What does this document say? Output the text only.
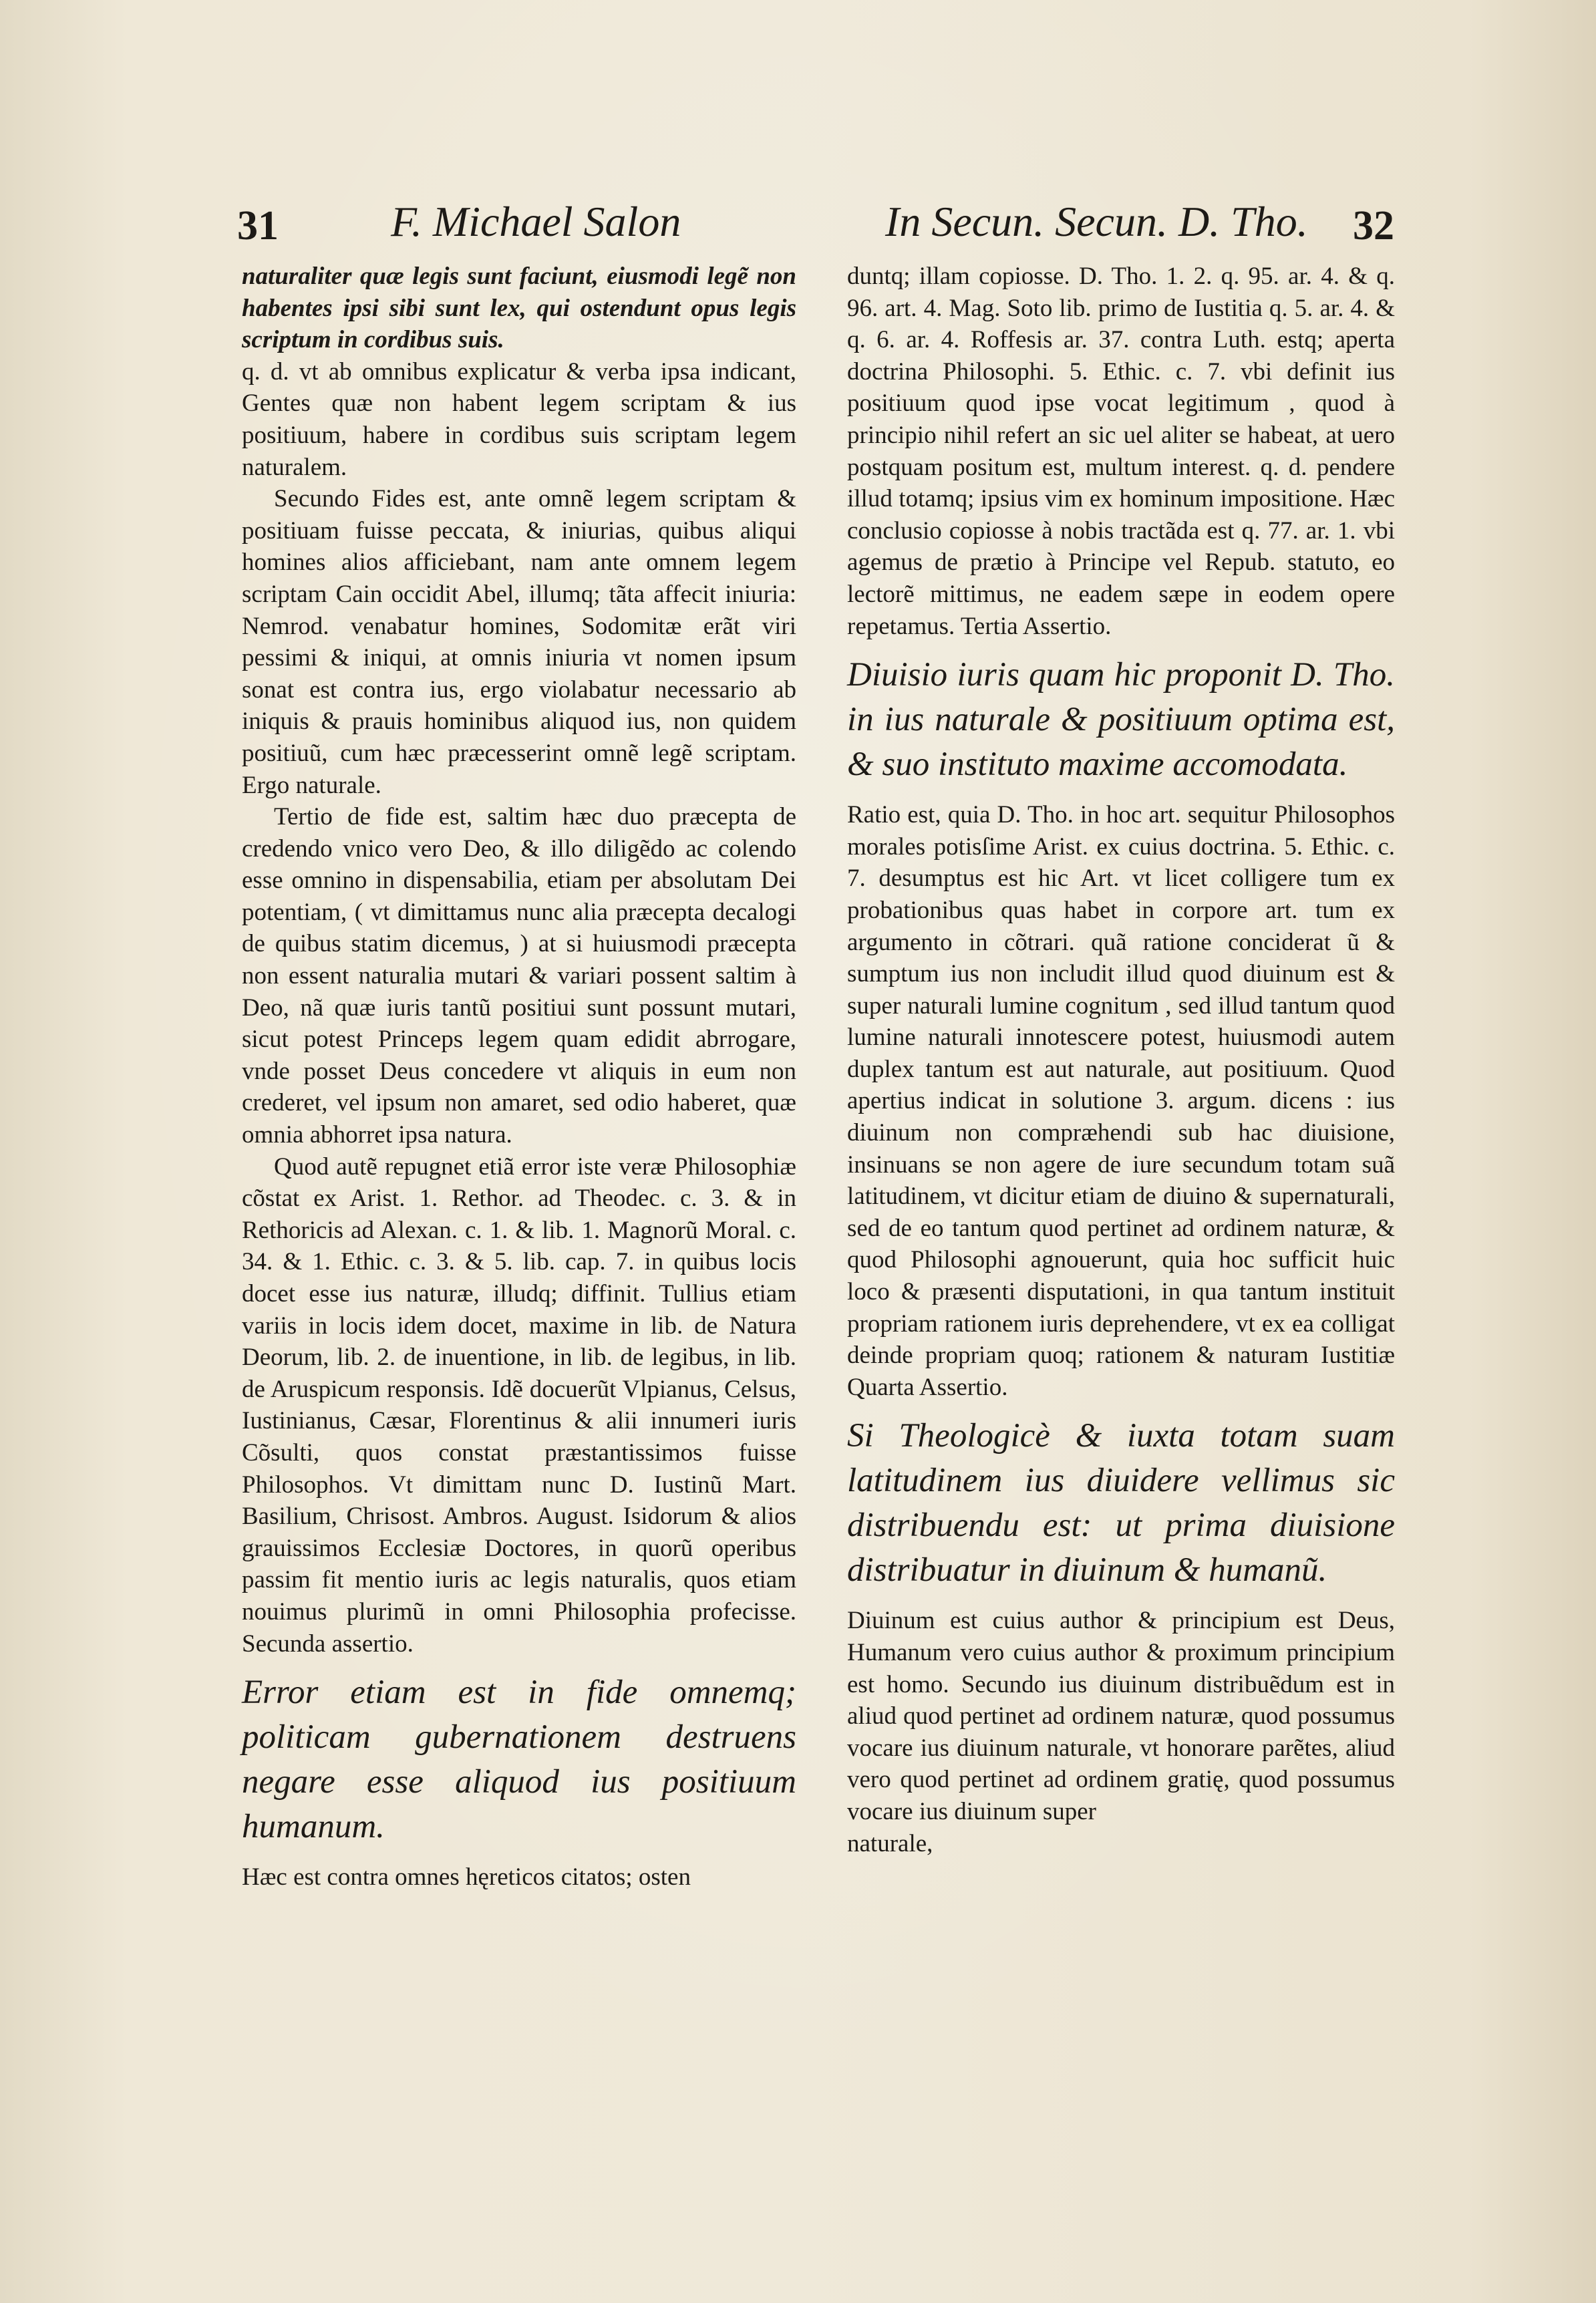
31	F. Michael Salon	In Secun. Secun. D. Tho. 32

naturaliter quæ legis sunt faciunt, eiusmodi legẽ non habentes ipsi sibi sunt lex, qui ostendunt opus legis scriptum in cordibus suis.

q. d. vt ab omnibus explicatur & verba ipsa indicant, Gentes quæ non habent legem scriptam & ius positiuum, habere in cordibus suis scriptam legem naturalem.

Secundo Fides est, ante omnẽ legem scriptam & positiuam fuisse peccata, & iniurias, quibus aliqui homines alios afficiebant, nam ante omnem legem scriptam Cain occidit Abel, illumq; tãta affecit iniuria: Nemrod. venabatur homines, Sodomitæ erãt viri pessimi & iniqui, at omnis iniuria vt nomen ipsum sonat est contra ius, ergo violabatur necessario ab iniquis & prauis hominibus aliquod ius, non quidem positiuũ, cum hæc præcesserint omnẽ legẽ scriptam. Ergo naturale.

Tertio de fide est, saltim hæc duo præcepta de credendo vnico vero Deo, & illo diligẽdo ac colendo esse omnino in dispensabilia, etiam per absolutam Dei potentiam, ( vt dimittamus nunc alia præcepta decalogi de quibus statim dicemus, ) at si huiusmodi præcepta non essent naturalia mutari & variari possent saltim à Deo, nã quæ iuris tantũ positiui sunt possunt mutari, sicut potest Princeps legem quam edidit abrrogare, vnde posset Deus concedere vt aliquis in eum non crederet, vel ipsum non amaret, sed odio haberet, quæ omnia abhorret ipsa natura.

Quod autẽ repugnet etiã error iste veræ Philosophiæ cõstat ex Arist. 1. Rethor. ad Theodec. c. 3. & in Rethoricis ad Alexan. c. 1. & lib. 1. Magnorũ Moral. c. 34. & 1. Ethic. c. 3. & 5. lib. cap. 7. in quibus locis docet esse ius naturæ, illudq; diffinit. Tullius etiam variis in locis idem docet, maxime in lib. de Natura Deorum, lib. 2. de inuentione, in lib. de legibus, in lib. de Aruspicum responsis. Idẽ docuerũt Vlpianus, Celsus, Iustinianus, Cæsar, Florentinus & alii innumeri iuris Cõsulti, quos constat præstantissimos fuisse Philosophos. Vt dimittam nunc D. Iustinũ Mart. Basilium, Chrisost. Ambros. August. Isidorum & alios grauissimos Ecclesiæ Doctores, in quorũ operibus passim fit mentio iuris ac legis naturalis, quos etiam nouimus plurimũ in omni Philosophia profecisse. Secunda assertio.

Error etiam est in fide omnemq; politicam gubernationem destruens negare esse aliquod ius positiuum humanum.

Hæc est contra omnes hęreticos citatos; osten

duntq; illam copiosse. D. Tho. 1. 2. q. 95. ar. 4. & q. 96. art. 4. Mag. Soto lib. primo de Iustitia q. 5. ar. 4. & q. 6. ar. 4. Roffesis ar. 37. contra Luth. estq; aperta doctrina Philosophi. 5. Ethic. c. 7. vbi definit ius positiuum quod ipse vocat legitimum , quod à principio nihil refert an sic uel aliter se habeat, at uero postquam positum est, multum interest. q. d. pendere illud totamq; ipsius vim ex hominum impositione. Hæc conclusio copiosse à nobis tractãda est q. 77. ar. 1. vbi agemus de prætio à Principe vel Repub. statuto, eo lectorẽ mittimus, ne eadem sæpe in eodem opere repetamus. Tertia Assertio.

Diuisio iuris quam hic proponit D. Tho. in ius naturale & positiuum optima est, & suo instituto maxime accomodata.

Ratio est, quia D. Tho. in hoc art. sequitur Philosophos morales potisſime Arist. ex cuius doctrina. 5. Ethic. c. 7. desumptus est hic Art. vt licet colligere tum ex probationibus quas habet in corpore art. tum ex argumento in cõtrari. quã ratione conciderat ũ & sumptum ius non includit illud quod diuinum est & super naturali lumine cognitum , sed illud tantum quod lumine naturali innotescere potest, huiusmodi autem duplex tantum est aut naturale, aut positiuum. Quod apertius indicat in solutione 3. argum. dicens : ius diuinum non compræhendi sub hac diuisione, insinuans se non agere de iure secundum totam suã latitudinem, vt dicitur etiam de diuino & supernaturali, sed de eo tantum quod pertinet ad ordinem naturæ, & quod Philosophi agnouerunt, quia hoc sufficit huic loco & præsenti disputationi, in qua tantum instituit propriam rationem iuris deprehendere, vt ex ea colligat deinde propriam quoq; rationem & naturam Iustitiæ Quarta Assertio.

Si Theologicè & iuxta totam suam latitudinem ius diuidere vellimus sic distribuendu est: ut prima diuisione distribuatur in diuinum & humanũ.

Diuinum est cuius author & principium est Deus, Humanum vero cuius author & proximum principium est homo. Secundo ius diuinum distribuẽdum est in aliud quod pertinet ad ordinem naturæ, quod possumus vocare ius diuinum naturale, vt honorare parẽtes, aliud vero quod pertinet ad ordinem gratię, quod possumus vocare ius diuinum super

naturale,
